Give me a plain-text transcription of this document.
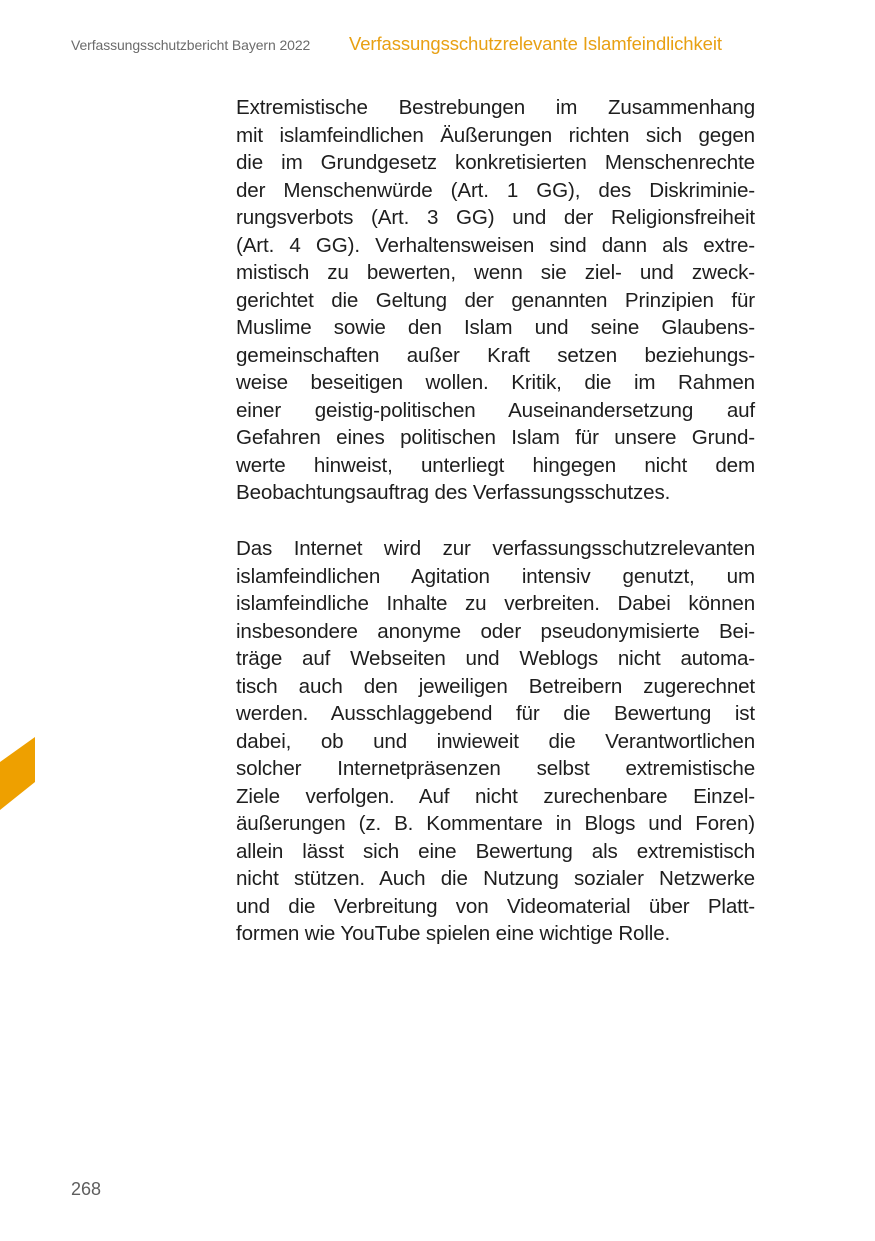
Verfassungsschutzbericht Bayern 2022 Verfassungsschutzrelevante Islamfeindlichkeit
Extremistische Bestrebungen im Zusammenhang
mit islamfeindlichen Äußerungen richten sich gegen
die im Grundgesetz konkretisierten Menschenrechte
der Menschenwürde (Art. 1 GG), des Diskriminie-
rungsverbots (Art. 3 GG) und der Religionsfreiheit
(Art. 4 GG). Verhaltensweisen sind dann als extre-
mistisch zu bewerten, wenn sie ziel- und zweck-
gerichtet die Geltung der genannten Prinzipien für
Muslime sowie den Islam und seine Glaubens-
gemeinschaften außer Kraft setzen beziehungs-
weise beseitigen wollen. Kritik, die im Rahmen
einer geistig-politischen Auseinandersetzung auf
Gefahren eines politischen Islam für unsere Grund-
werte hinweist, unterliegt hingegen nicht dem
Beobachtungsauftrag des Verfassungsschutzes.
Das Internet wird zur verfassungsschutzrelevanten
islamfeindlichen Agitation intensiv genutzt, um
islamfeindliche Inhalte zu verbreiten. Dabei können
insbesondere anonyme oder pseudonymisierte Bei-
träge auf Webseiten und Weblogs nicht automa-
tisch auch den jeweiligen Betreibern zugerechnet
werden. Ausschlaggebend für die Bewertung ist
dabei, ob und inwieweit die Verantwortlichen
solcher Internetpräsenzen selbst extremistische
Ziele verfolgen. Auf nicht zurechenbare Einzel-
äußerungen (z. B. Kommentare in Blogs und Foren)
allein lässt sich eine Bewertung als extremistisch
nicht stützen. Auch die Nutzung sozialer Netzwerke
und die Verbreitung von Videomaterial über Platt-
formen wie YouTube spielen eine wichtige Rolle.
268
